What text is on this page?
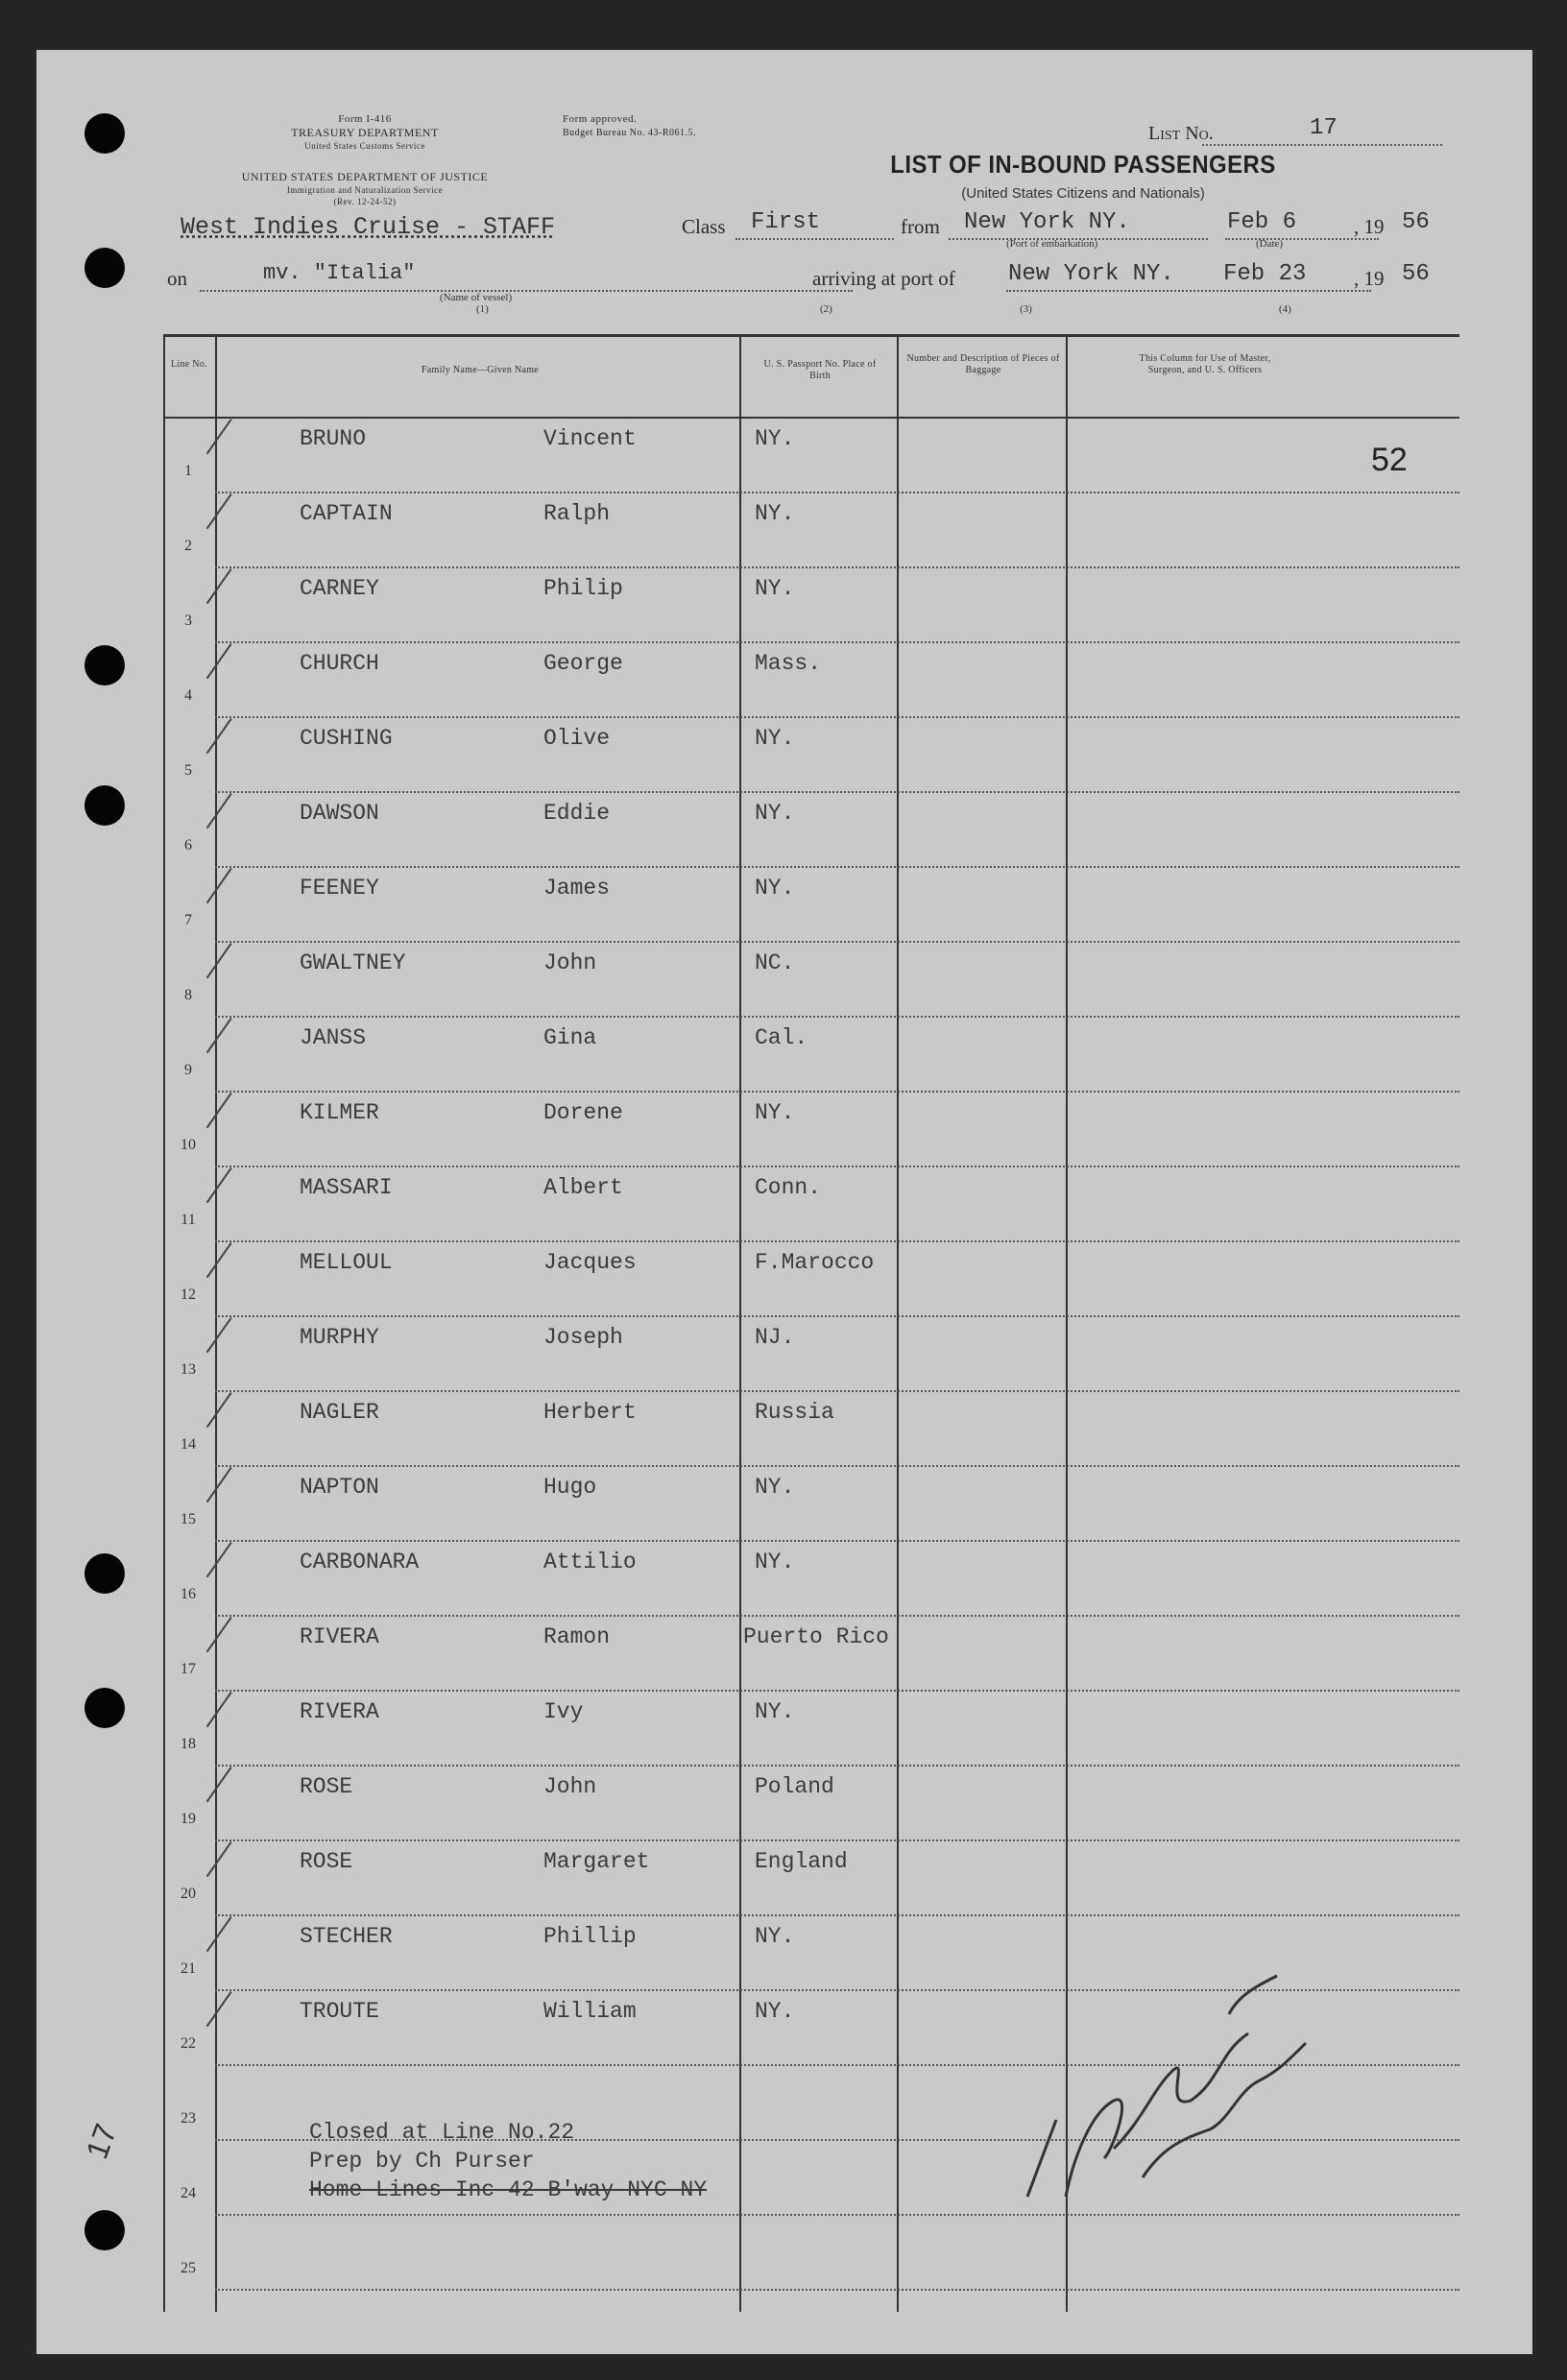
Form I-416
TREASURY DEPARTMENT
United States Customs Service
UNITED STATES DEPARTMENT OF JUSTICE
Immigration and Naturalization Service
(Rev. 12-24-52)
Form approved.
Budget Bureau No. 43-R061.5.	List No.	17
LIST OF IN-BOUND PASSENGERS
(United States Citizens and Nationals)
West Indies Cruise - STAFF	Class First	from New York NY.
(Port of embarkation)
Feb 6
(Date)
, 19 56
on	mv. "Italia"
(Name of vessel)
(1)
arriving at port of New York NY. Feb 23 , 19 56
(2)	(3)	(4)
Line No.
Family Name—Given Name
U. S. Passport No. Place of Birth
Number and Description of Pieces of Baggage
This Column for Use of Master, Surgeon, and U. S. Officers
52
1
BRUNO	Vincent	NY.
2
CAPTAIN	Ralph	NY.
3
CARNEY	Philip	NY.
4
CHURCH	George	Mass.
5
CUSHING	Olive	NY.
6
DAWSON	Eddie	NY.
7
FEENEY	James	NY.
8
GWALTNEY	John	NC.
9
JANSS	Gina	Cal.
10
KILMER	Dorene	NY.
11
MASSARI	Albert	Conn.
12
MELLOUL	Jacques	F.Marocco
13
MURPHY	Joseph	NJ.
14
NAGLER	Herbert	Russia
15
NAPTON	Hugo	NY.
16
CARBONARA	Attilio	NY.
17
RIVERA	Ramon	Puerto Rico
18
RIVERA	Ivy	NY.
19
ROSE	John	Poland
20
ROSE	Margaret	England
21
STECHER	Phillip	NY.
22
TROUTE	William	NY.
23
24
25
Closed at Line No.22
Prep by Ch Purser
Home Lines Inc 42 B'way NYC NY
17
